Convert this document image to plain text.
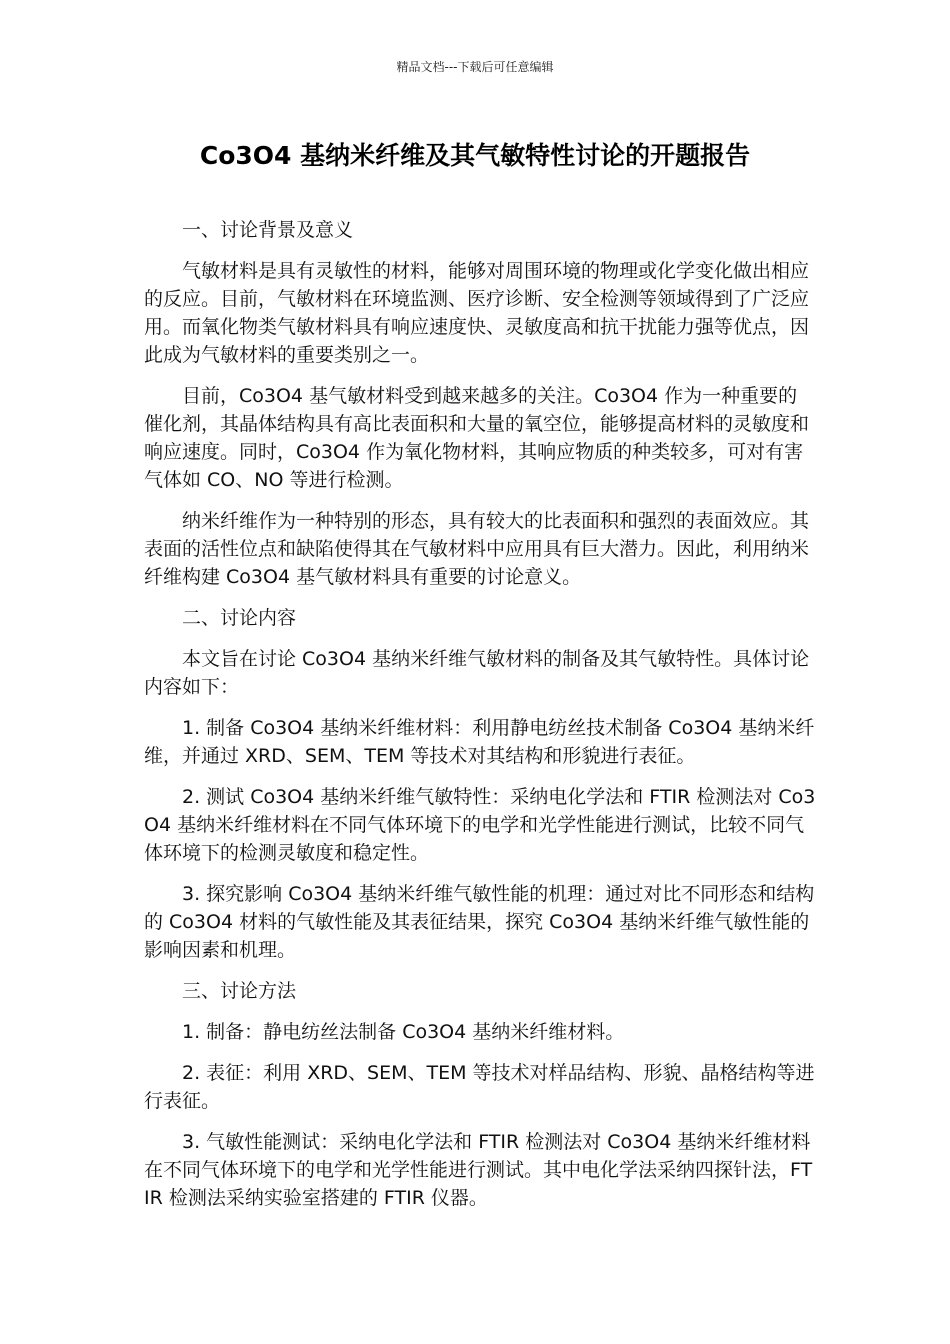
精品文档---下载后可任意编辑
Co3O4 基纳米纤维及其气敏特性讨论的开题报告

一、讨论背景及意义

气敏材料是具有灵敏性的材料，能够对周围环境的物理或化学变化做出相应的反应。目前，气敏材料在环境监测、医疗诊断、安全检测等领域得到了广泛应用。而氧化物类气敏材料具有响应速度快、灵敏度高和抗干扰能力强等优点，因此成为气敏材料的重要类别之一。

目前，Co3O4 基气敏材料受到越来越多的关注。Co3O4 作为一种重要的催化剂，其晶体结构具有高比表面积和大量的氧空位，能够提高材料的灵敏度和响应速度。同时，Co3O4 作为氧化物材料，其响应物质的种类较多，可对有害气体如 CO、NO 等进行检测。

纳米纤维作为一种特别的形态，具有较大的比表面积和强烈的表面效应。其表面的活性位点和缺陷使得其在气敏材料中应用具有巨大潜力。因此，利用纳米纤维构建 Co3O4 基气敏材料具有重要的讨论意义。

二、讨论内容

本文旨在讨论 Co3O4 基纳米纤维气敏材料的制备及其气敏特性。具体讨论内容如下：

1. 制备 Co3O4 基纳米纤维材料：利用静电纺丝技术制备 Co3O4 基纳米纤维，并通过 XRD、SEM、TEM 等技术对其结构和形貌进行表征。

2. 测试 Co3O4 基纳米纤维气敏特性：采纳电化学法和 FTIR 检测法对 Co3O4 基纳米纤维材料在不同气体环境下的电学和光学性能进行测试，比较不同气体环境下的检测灵敏度和稳定性。

3. 探究影响 Co3O4 基纳米纤维气敏性能的机理：通过对比不同形态和结构的 Co3O4 材料的气敏性能及其表征结果，探究 Co3O4 基纳米纤维气敏性能的影响因素和机理。

三、讨论方法

1. 制备：静电纺丝法制备 Co3O4 基纳米纤维材料。

2. 表征：利用 XRD、SEM、TEM 等技术对样品结构、形貌、晶格结构等进行表征。

3. 气敏性能测试：采纳电化学法和 FTIR 检测法对 Co3O4 基纳米纤维材料在不同气体环境下的电学和光学性能进行测试。其中电化学法采纳四探针法，FTIR 检测法采纳实验室搭建的 FTIR 仪器。
